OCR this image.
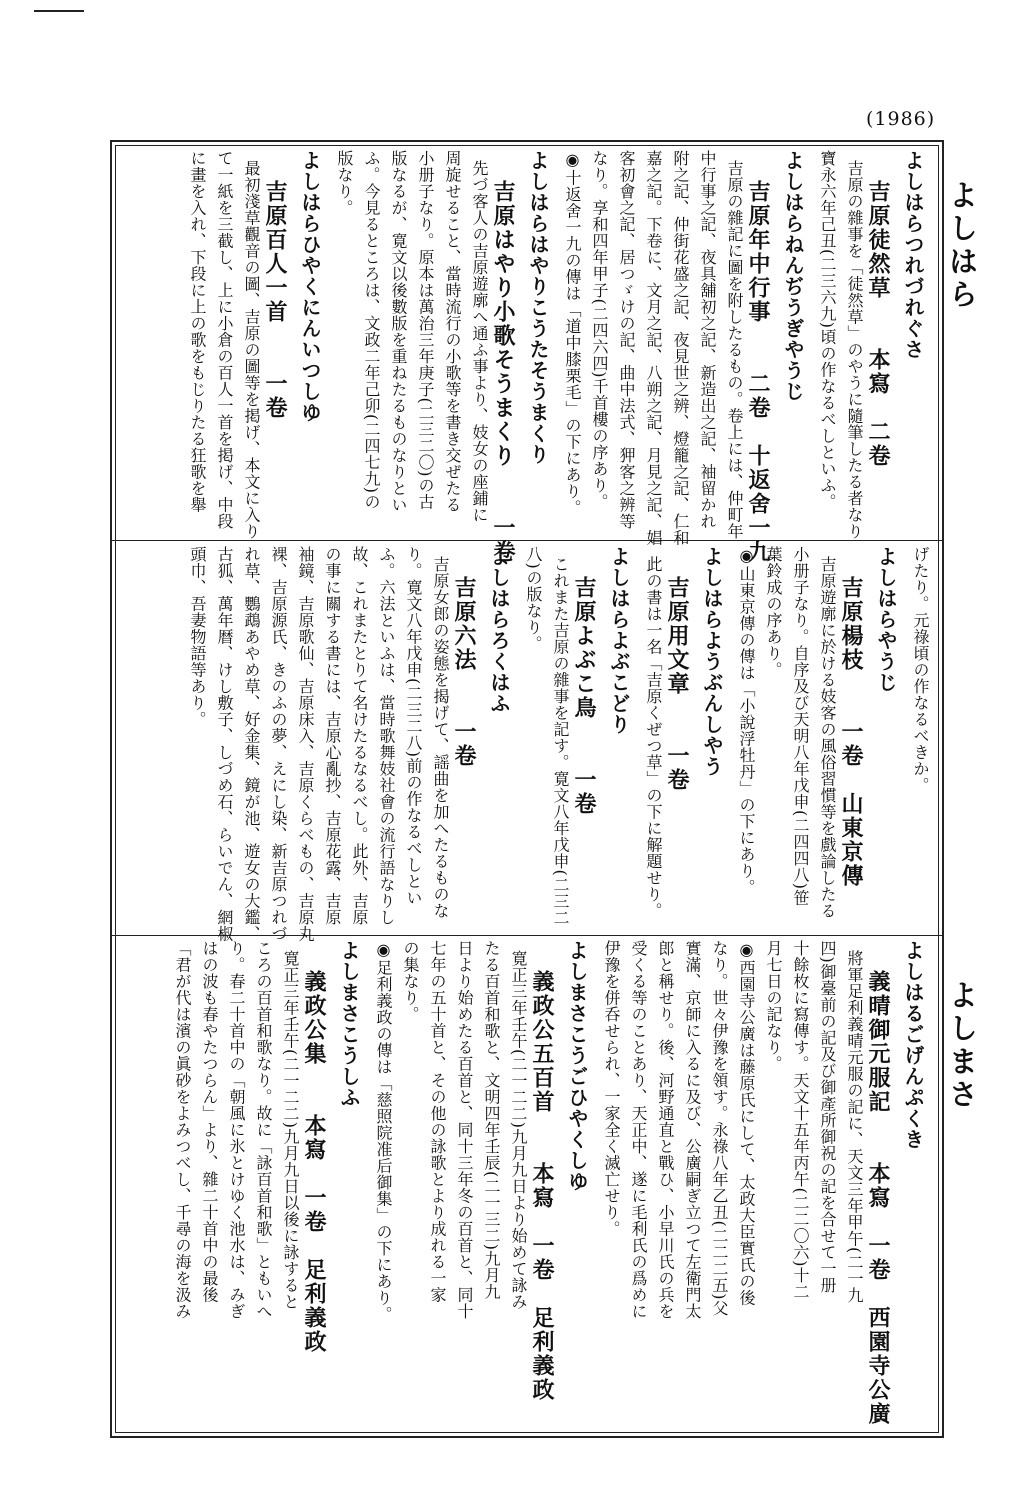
(1986)
よしはら
よしまさ
よしはらつれづれぐさ
吉原徒然草　　本寫　二卷
吉原の雜事を「徒然草」のやうに隨筆したる者なり
寶永六年己丑(二三六九)頃の作なるべしといふ。
よしはらねんぢうぎやうじ
吉原年中行事　　二卷　十返舍一九
吉原の雜記に圖を附したるもの。卷上には、仲町年
中行事之記、夜具舖初之記、新造出之記、袖留かれ
附之記、仲街花盛之記、夜見世之辨、燈籠之記、仁和
嘉之記。下卷に、文月之記、八朔之記、月見之記、娼
客初會之記、居つゞけの記、曲中法式、狎客之辨等
なり。享和四年甲子(二四六四)千首樓の序あり。
◉十返舍一九の傳は「道中膝栗毛」の下にあり。
よしはらはやりこうたそうまくり
吉原はやり小歌そうまくり　　一卷
先づ客人の吉原遊廓へ通ふ事より、妓女の座鋪に
周旋せること、當時流行の小歌等を書き交ぜたる
小册子なり。原本は萬治三年庚子(二三二〇)の古
版なるが、寛文以後數版を重ねたるものなりとい
ふ。今見るところは、文政二年己卯(二四七九)の
版なり。
よしはらひやくにんいつしゆ
吉原百人一首　　一卷
最初淺草觀音の圖、吉原の圖等を掲げ、本文に入り
て一紙を三截し、上に小倉の百人一首を掲げ、中段
に畫を入れ、下段に上の歌をもじりたる狂歌を舉
げたり。元祿頃の作なるべきか。
よしはらやうじ
吉原楊枝　　一卷　山東京傳
吉原遊廓に於ける妓客の風俗習慣等を戲論したる
小册子なり。自序及び天明八年戊申(二四四八)笹
葉鈴成の序あり。
◉山東京傳の傳は「小說浮牡丹」の下にあり。
よしはらようぶんしやう
吉原用文章　　一卷
此の書は一名「吉原くぜつ草」の下に解題せり。
よしはらよぶこどり
吉原よぶこ鳥　　一卷
これまた吉原の雜事を記す。寛文八年戊申(二三二
八)の版なり。
よしはらろくはふ
吉原六法　　一卷
吉原女郎の姿態を揭げて、謡曲を加へたるものな
り。寛文八年戊申(二三二八)前の作なるべしとい
ふ。六法といふは、當時歌舞妓社會の流行語なりし
故、これまたとりて名けたるなるべし。此外、吉原
の事に關する書には、吉原心亂抄、吉原花露、吉原
袖鏡、吉原歌仙、吉原床入、吉原くらべもの、吉原丸
裸、吉原源氏、きのふの夢、えにし染、新吉原つれづ
れ草、鸚鵡あやめ草、好金集、鏡が池、遊女の大鑑、
古狐、萬年暦、けし敷子、しづめ石、らいでん、網椒
頭巾、吾妻物語等あり。
よしはるごげんぷくき
義晴御元服記　　本寫　一卷　西園寺公廣
將軍足利義晴元服の記に、天文三年甲午(二一九
四)御臺前の記及び御產所御祝の記を合せて一册
十餘枚に寫傳す。天文十五年丙午(二二〇六)十二
月七日の記なり。
◉西園寺公廣は藤原氏にして、太政大臣實氏の後
なり。世々伊豫を領す。永祿八年乙丑(二二二五)父
實滿、京師に入るに及び、公廣嗣ぎ立つて左衛門太
郎と稱せり。後、河野通直と戰ひ、小早川氏の兵を
受くる等のことあり、天正中、遂に毛利氏の爲めに
伊豫を併呑せられ、一家全く滅亡せり。
よしまさこうごひやくしゆ
義政公五百首　　本寫　一卷　足利義政
寛正三年壬午(二一二二)九月九日より始めて詠み
たる百首和歌と、文明四年壬辰(二一三二)九月九
日より始めたる百首と、同十三年冬の百首と、同十
七年の五十首と、その他の詠歌とより成れる一家
の集なり。
◉足利義政の傳は「慈照院准后御集」の下にあり。
よしまさこうしふ
義政公集　　本寫　一卷　足利義政
寛正三年壬午(二一二二)九月九日以後に詠すると
ころの百首和歌なり。故に「詠百首和歌」ともいへ
り。春二十首中の「朝風に氷とけゆく池水は、みぎ
はの波も春やたつらん」より、雜二十首中の最後
「君が代は濱の眞砂をよみつべし、千尋の海を汲み
